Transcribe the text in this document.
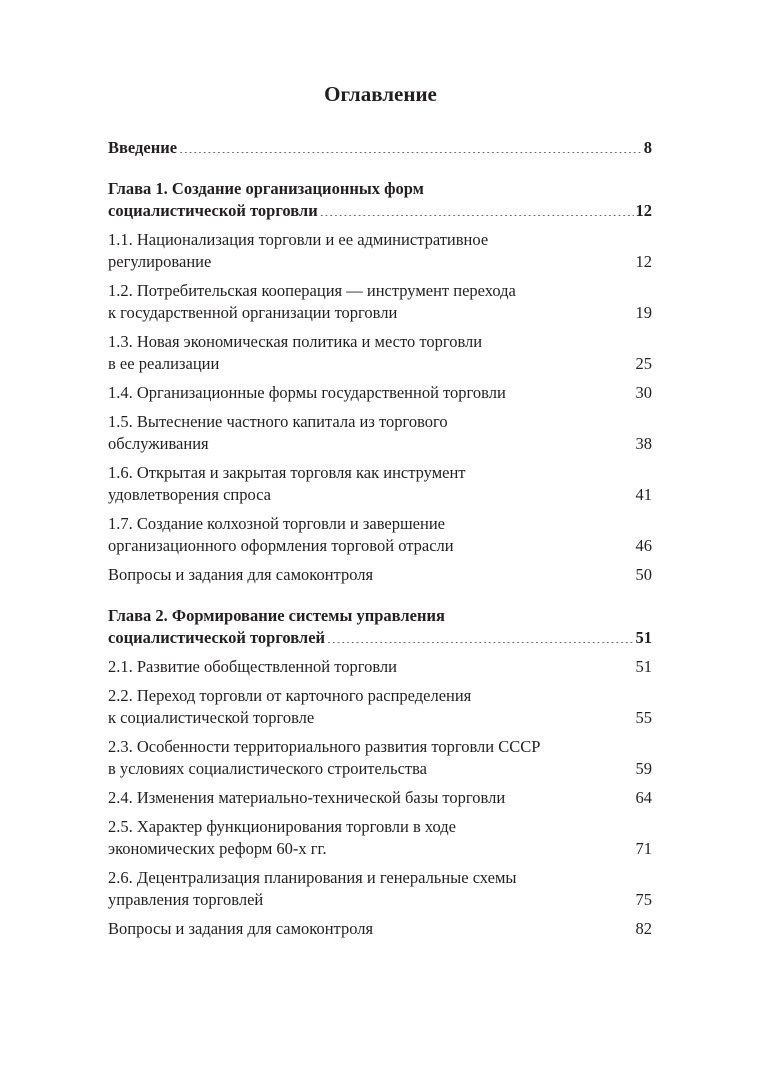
Оглавление
Введение .....	8
Глава 1. Создание организационных форм
социалистической торговли .....	12
1.1. Национализация торговли и ее административное
регулирование .....	12
1.2. Потребительская кооперация — инструмент перехода
к государственной организации торговли .....	19
1.3. Новая экономическая политика и место торговли
в ее реализации .....	25
1.4. Организационные формы государственной торговли .....	30
1.5. Вытеснение частного капитала из торгового
обслуживания .....	38
1.6. Открытая и закрытая торговля как инструмент
удовлетворения спроса .....	41
1.7. Создание колхозной торговли и завершение
организационного оформления торговой отрасли .....	46
Вопросы и задания для самоконтроля .....	50
Глава 2. Формирование системы управления
социалистической торговлей .....	51
2.1. Развитие обобществленной торговли .....	51
2.2. Переход торговли от карточного распределения
к социалистической торговле .....	55
2.3. Особенности территориального развития торговли СССР
в условиях социалистического строительства .....	59
2.4. Изменения материально-технической базы торговли .....	64
2.5. Характер функционирования торговли в ходе
экономических реформ 60-х гг. .....	71
2.6. Децентрализация планирования и генеральные схемы
управления торговлей .....	75
Вопросы и задания для самоконтроля .....	82
